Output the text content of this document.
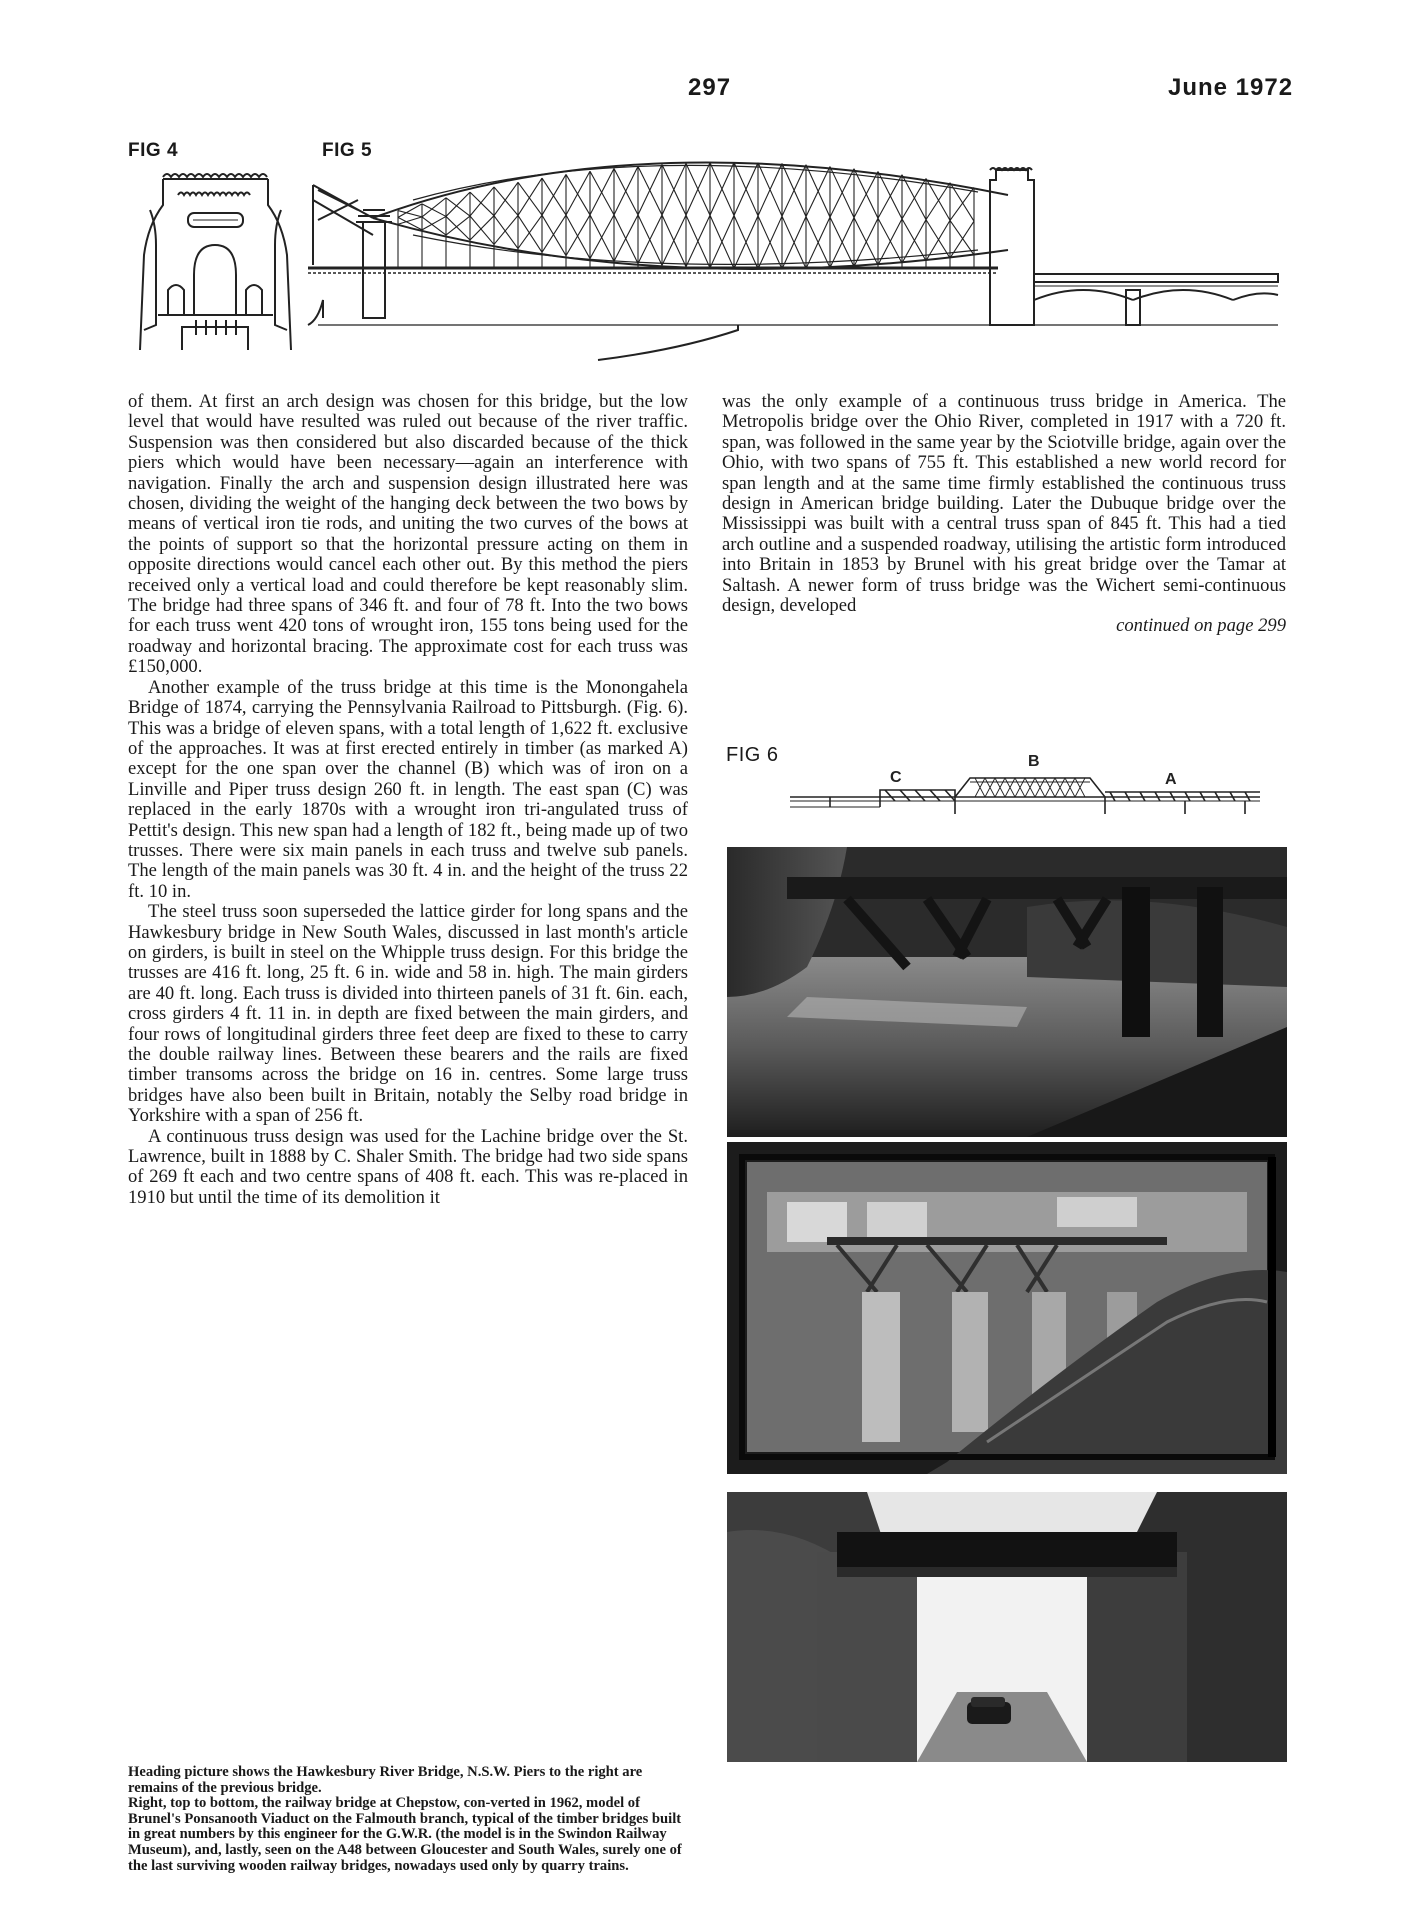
297	June 1972
FIG 4	FIG 5

of them. At first an arch design was chosen for this bridge, but the low level that would have resulted was ruled out because of the river traffic. Suspension was then considered but also discarded because of the thick piers which would have been necessary—again an interference with navigation. Finally the arch and suspension design illustrated here was chosen, dividing the weight of the hanging deck between the two bows by means of vertical iron tie rods, and uniting the two curves of the bows at the points of support so that the horizontal pressure acting on them in opposite directions would cancel each other out. By this method the piers received only a vertical load and could therefore be kept reasonably slim. The bridge had three spans of 346 ft. and four of 78 ft. Into the two bows for each truss went 420 tons of wrought iron, 155 tons being used for the roadway and horizontal bracing. The approximate cost for each truss was £150,000.

Another example of the truss bridge at this time is the Monongahela Bridge of 1874, carrying the Pennsylvania Railroad to Pittsburgh. (Fig. 6). This was a bridge of eleven spans, with a total length of 1,622 ft. exclusive of the approaches. It was at first erected entirely in timber (as marked A) except for the one span over the channel (B) which was of iron on a Linville and Piper truss design 260 ft. in length. The east span (C) was replaced in the early 1870s with a wrought iron tri-angulated truss of Pettit's design. This new span had a length of 182 ft., being made up of two trusses. There were six main panels in each truss and twelve sub panels. The length of the main panels was 30 ft. 4 in. and the height of the truss 22 ft. 10 in.

The steel truss soon superseded the lattice girder for long spans and the Hawkesbury bridge in New South Wales, discussed in last month's article on girders, is built in steel on the Whipple truss design. For this bridge the trusses are 416 ft. long, 25 ft. 6 in. wide and 58 in. high. The main girders are 40 ft. long. Each truss is divided into thirteen panels of 31 ft. 6in. each, cross girders 4 ft. 11 in. in depth are fixed between the main girders, and four rows of longitudinal girders three feet deep are fixed to these to carry the double railway lines. Between these bearers and the rails are fixed timber transoms across the bridge on 16 in. centres. Some large truss bridges have also been built in Britain, notably the Selby road bridge in Yorkshire with a span of 256 ft.

A continuous truss design was used for the Lachine bridge over the St. Lawrence, built in 1888 by C. Shaler Smith. The bridge had two side spans of 269 ft each and two centre spans of 408 ft. each. This was re-placed in 1910 but until the time of its demolition it

Heading picture shows the Hawkesbury River Bridge, N.S.W. Piers to the right are remains of the previous bridge.

Right, top to bottom, the railway bridge at Chepstow, con-verted in 1962, model of Brunel's Ponsanooth Viaduct on the Falmouth branch, typical of the timber bridges built in great numbers by this engineer for the G.W.R. (the model is in the Swindon Railway Museum), and, lastly, seen on the A48 between Gloucester and South Wales, surely one of the last surviving wooden railway bridges, nowadays used only by quarry trains.

was the only example of a continuous truss bridge in America. The Metropolis bridge over the Ohio River, completed in 1917 with a 720 ft. span, was followed in the same year by the Sciotville bridge, again over the Ohio, with two spans of 755 ft. This established a new world record for span length and at the same time firmly established the continuous truss design in American bridge building. Later the Dubuque bridge over the Mississippi was built with a central truss span of 845 ft. This had a tied arch outline and a suspended roadway, utilising the artistic form introduced into Britain in 1853 by Brunel with his great bridge over the Tamar at Saltash. A newer form of truss bridge was the Wichert semi-continuous design, developed

continued on page 299
FIG 6
C
B
A
